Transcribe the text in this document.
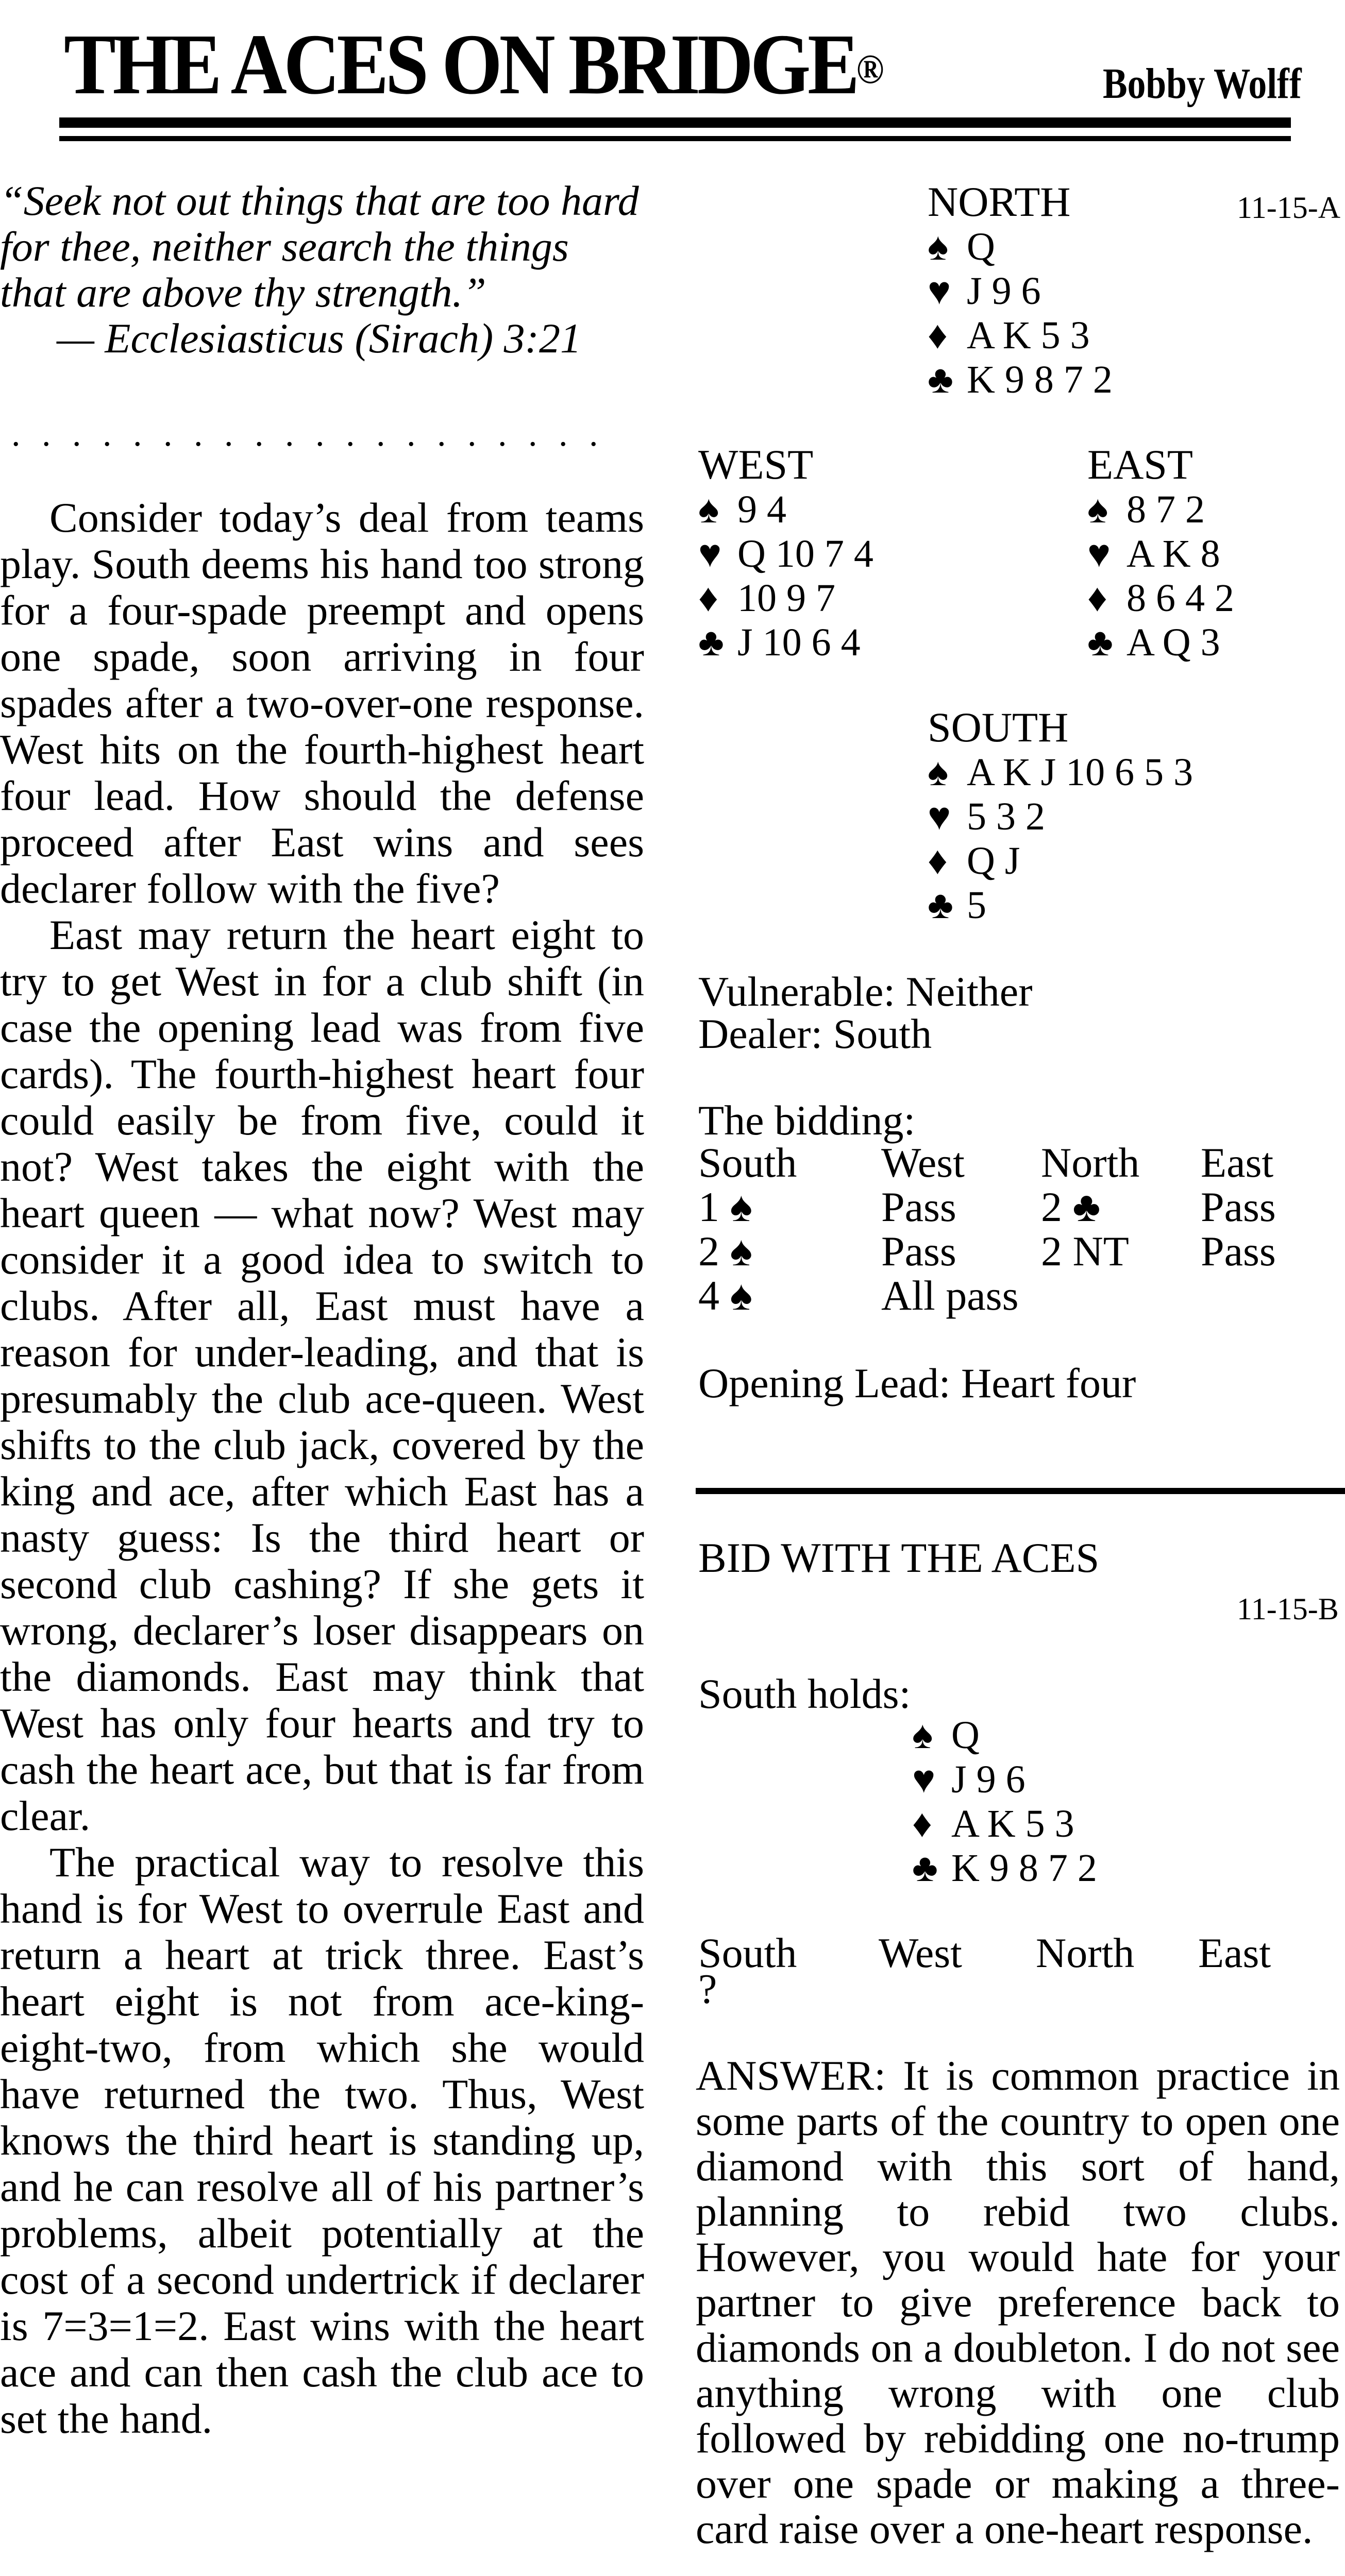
THE ACES ON BRIDGE®	Bobby Wolff
“Seek not out things that are too hard for thee, neither search the things that are above thy strength.”
— Ecclesiasticus (Sirach) 3:21
. . . . . . . . . . . . . . . . . . . .

Consider today’s deal from teams play. South deems his hand too strong for a four-spade preempt and opens one spade, soon arriving in four spades after a two-over-one response. West hits on the fourth-highest heart four lead. How should the defense proceed after East wins and sees declarer follow with the five?

East may return the heart eight to try to get West in for a club shift (in case the opening lead was from five cards). The fourth-highest heart four could easily be from five, could it not? West takes the eight with the heart queen — what now? West may consider it a good idea to switch to clubs. After all, East must have a reason for under-leading, and that is presumably the club ace-queen. West shifts to the club jack, covered by the king and ace, after which East has a nasty guess: Is the third heart or second club cashing? If she gets it wrong, declarer’s loser disappears on the diamonds. East may think that West has only four hearts and try to cash the heart ace, but that is far from clear.

The practical way to resolve this hand is for West to overrule East and return a heart at trick three. East’s heart eight is not from ace-king-eight-two, from which she would have returned the two. Thus, West knows the third heart is standing up, and he can resolve all of his partner’s problems, albeit potentially at the cost of a second undertrick if declarer is 7=3=1=2. East wins with the heart ace and can then cash the club ace to set the hand.

11-15-A
NORTH
♠ Q
♥ J 9 6
♦ A K 5 3
♣ K 9 8 7 2
WEST
♠ 9 4
♥ Q 10 7 4
♦ 10 9 7
♣ J 10 6 4
EAST
♠ 8 7 2
♥ A K 8
♦ 8 6 4 2
♣ A Q 3
SOUTH
♠ A K J 10 6 5 3
♥ 5 3 2
♦ Q J
♣ 5
Vulnerable: Neither
Dealer: South
The bidding:
South West North East
1 ♠	Pass 2 ♣ Pass
2 ♠	Pass 2 NT Pass
4 ♠	All pass
Opening Lead: Heart four
BID WITH THE ACES
11-15-B
South holds:
♠ Q
♥ J 9 6
♦ A K 5 3
♣ K 9 8 7 2
South West North East
?
ANSWER: It is common practice in some parts of the country to open one diamond with this sort of hand, planning to rebid two clubs. However, you would hate for your partner to give preference back to diamonds on a doubleton. I do not see anything wrong with one club followed by rebidding one no-trump over one spade or making a three-card raise over a one-heart response.
